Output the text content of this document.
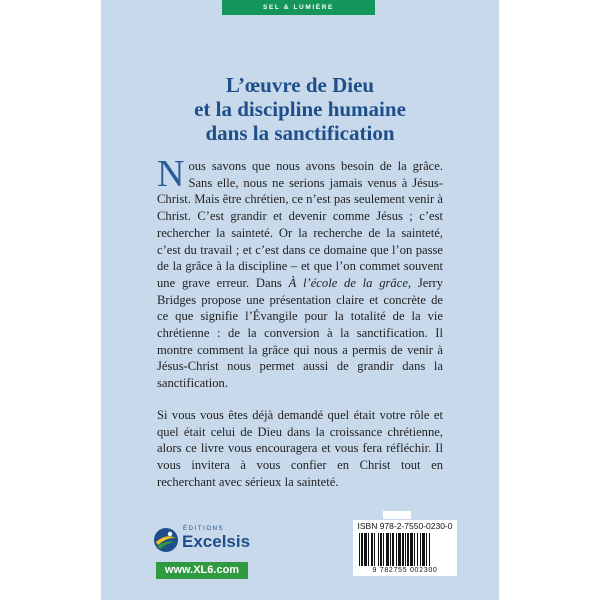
SEL & LUMIÈRE
L’œuvre de Dieu
et la discipline humaine
dans la sanctification

Nous savons que nous avons besoin de la grâce. Sans elle, nous ne serions jamais venus à Jésus-Christ. Mais être chrétien, ce n’est pas seulement venir à Christ. C’est grandir et devenir comme Jésus ; c’est rechercher la sainteté. Or la recherche de la sainteté, c’est du travail ; et c’est dans ce domaine que l’on passe de la grâce à la discipline – et que l’on commet souvent une grave erreur. Dans À l’école de la grâce, Jerry Bridges propose une présentation claire et concrète de ce que signifie l’Évangile pour la totalité de la vie chrétienne : de la conversion à la sanctification. Il montre comment la grâce qui nous a permis de venir à Jésus-Christ nous permet aussi de grandir dans la sanctification.

Si vous vous êtes déjà demandé quel était votre rôle et quel était celui de Dieu dans la croissance chrétienne, alors ce livre vous encouragera et vous fera réfléchir. Il vous invitera à vous confier en Christ tout en recherchant avec sérieux la sainteté.

ÉDITIONS
Excelsis
www.XL6.com
ISBN 978-2-7550-0230-0
9 782755 002300
